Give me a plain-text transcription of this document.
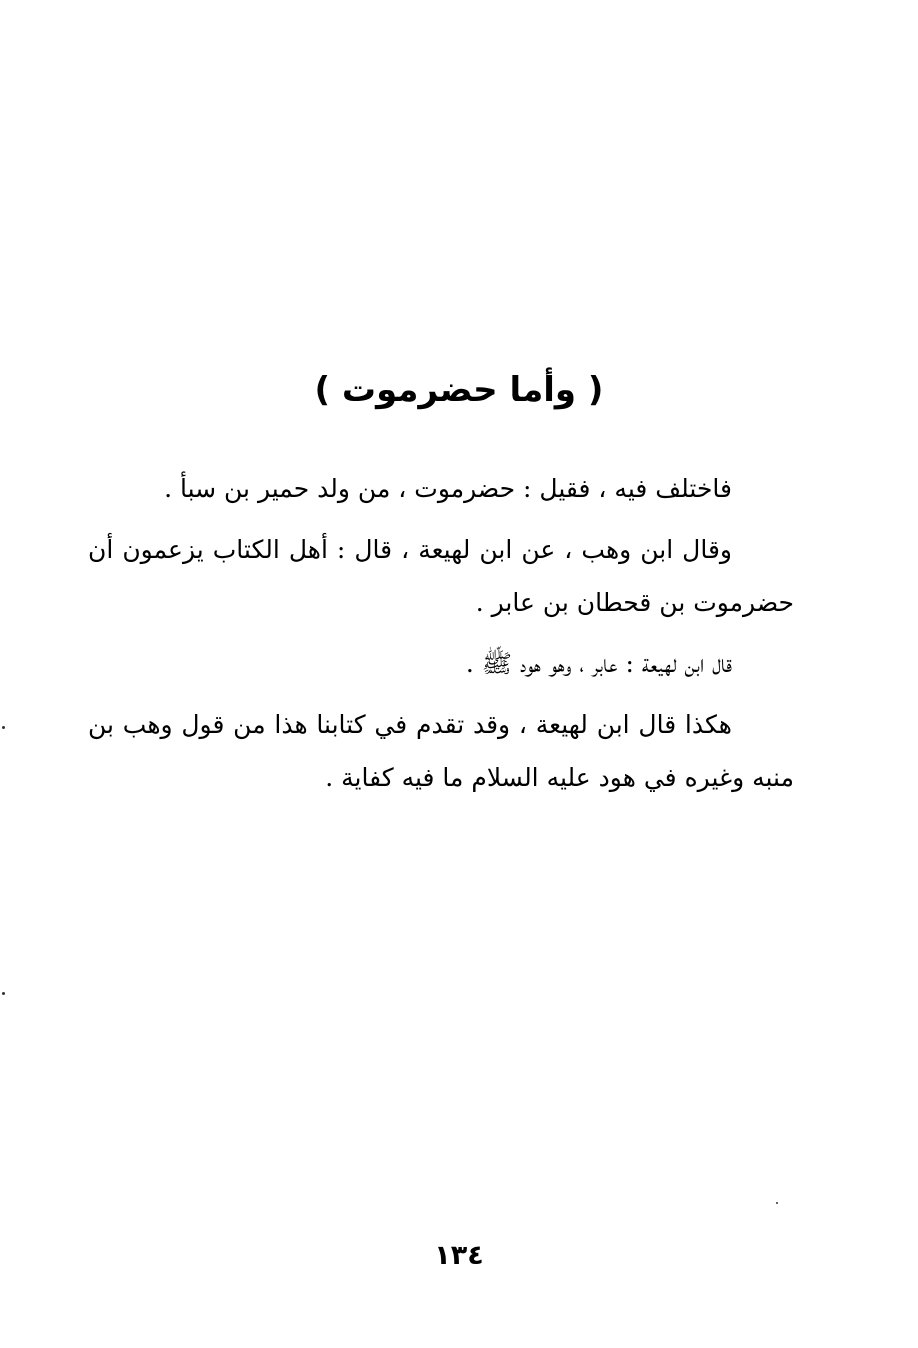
( وأما حضرموت )

فاختلف فيه ، فقيل : حضرموت ، من ولد حمير بن سبأ .

وقال ابن وهب ، عن ابن لهيعة ، قال : أهل الكتاب يزعمون أن حضرموت بن قحطان بن عابر .

قال ابن لهيعة : عابر ، وهو هود ﷺ .

هكذا قال ابن لهيعة ، وقد تقدم في كتابنا هذا من قول وهب بن منبه وغيره في هود عليه السلام ما فيه كفاية .

١٣٤
